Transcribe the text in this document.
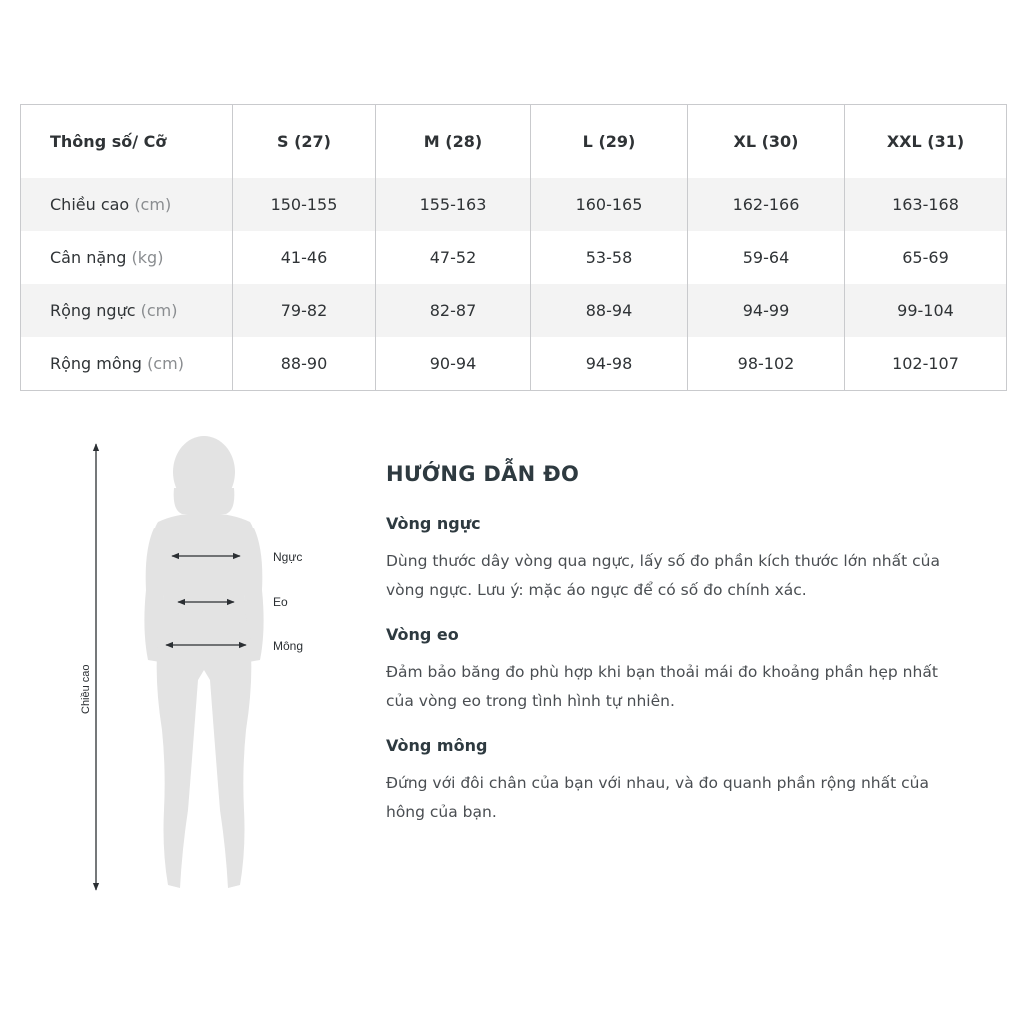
Thông số/ Cỡ	S (27)	M (28)	L (29)	XL (30)	XXL (31)
Chiều cao (cm)	150-155	155-163	160-165	162-166	163-168
Cân nặng (kg)	41-46	47-52	53-58	59-64	65-69
Rộng ngực (cm)	79-82	82-87	88-94	94-99	99-104
Rộng mông (cm)	88-90	90-94	94-98	98-102	102-107
Chiều cao
Ngực
Eo
Mông
HƯỚNG DẪN ĐO
Vòng ngực

Dùng thước dây vòng qua ngực, lấy số đo phần kích thước lớn nhất của vòng ngực. Lưu ý: mặc áo ngực để có số đo chính xác.

Vòng eo

Đảm bảo băng đo phù hợp khi bạn thoải mái đo khoảng phần hẹp nhất của vòng eo trong tình hình tự nhiên.

Vòng mông

Đứng với đôi chân của bạn với nhau, và đo quanh phần rộng nhất của hông của bạn.
